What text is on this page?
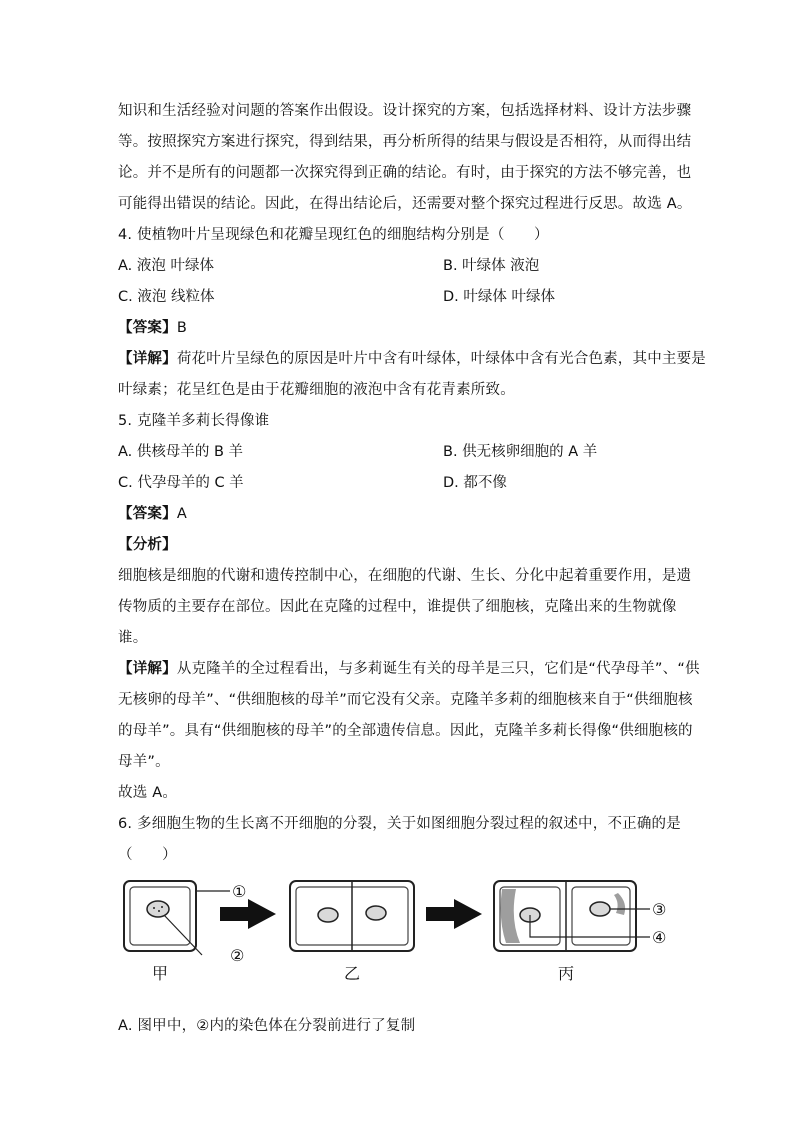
知识和生活经验对问题的答案作出假设。设计探究的方案，包括选择材料、设计方法步骤
等。按照探究方案进行探究，得到结果，再分析所得的结果与假设是否相符，从而得出结
论。并不是所有的问题都一次探究得到正确的结论。有时，由于探究的方法不够完善，也
可能得出错误的结论。因此，在得出结论后，还需要对整个探究过程进行反思。故选 A。
4. 使植物叶片呈现绿色和花瓣呈现红色的细胞结构分别是（　　）
A. 液泡 叶绿体	B. 叶绿体 液泡
C. 液泡 线粒体	D. 叶绿体 叶绿体
【答案】B
【详解】荷花叶片呈绿色的原因是叶片中含有叶绿体，叶绿体中含有光合色素，其中主要是
叶绿素；花呈红色是由于花瓣细胞的液泡中含有花青素所致。
5. 克隆羊多莉长得像谁
A. 供核母羊的 B 羊	B. 供无核卵细胞的 A 羊
C. 代孕母羊的 C 羊	D. 都不像
【答案】A
【分析】
细胞核是细胞的代谢和遗传控制中心，在细胞的代谢、生长、分化中起着重要作用，是遗
传物质的主要存在部位。因此在克隆的过程中，谁提供了细胞核，克隆出来的生物就像
谁。
【详解】从克隆羊的全过程看出，与多莉诞生有关的母羊是三只，它们是“代孕母羊”、“供
无核卵的母羊”、“供细胞核的母羊”而它没有父亲。克隆羊多莉的细胞核来自于“供细胞核
的母羊”。具有“供细胞核的母羊”的全部遗传信息。因此，克隆羊多莉长得像“供细胞核的
母羊”。
故选 A。
6. 多细胞生物的生长离不开细胞的分裂，关于如图细胞分裂过程的叙述中，不正确的是
（　　）
①
②
③
④
甲	乙	丙
A. 图甲中，②内的染色体在分裂前进行了复制
